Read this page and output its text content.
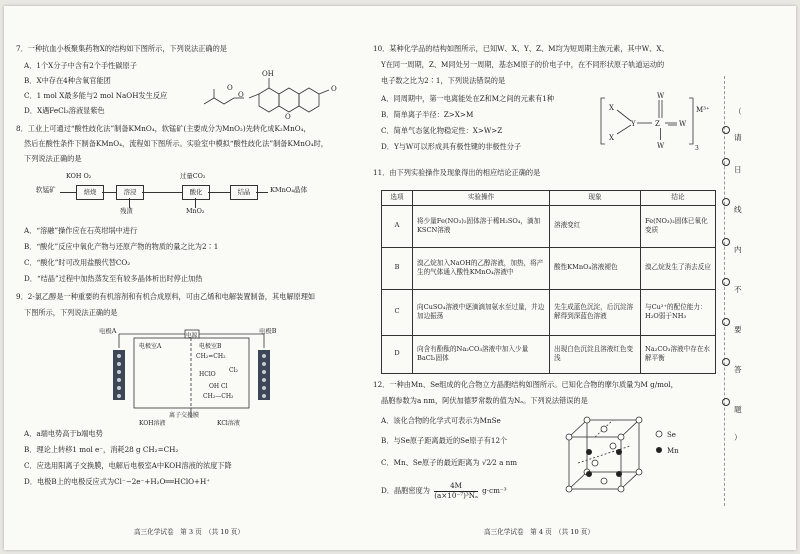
7．一种抗血小板聚集药物X的结构如下图所示，下列说法正确的是
A．1个X分子中含有2个手性碳原子
B．X中存在4种含氧官能团
C．1 mol X最多能与2 mol NaOH发生反应
D．X遇FeCl₃溶液显紫色
OH
O
O
O
O
8．工业上可通过“酸性歧化法”制备KMnO₄，软锰矿(主要成分为MnO₂)先转化成K₂MnO₄，
然后在酸性条件下制备KMnO₄，流程如下图所示。实验室中模拟“酸性歧化法”制备KMnO₄时，
下列说法正确的是
KOH O₂	过量CO₂
软锰矿	焙烧	溶浸	酸化	结晶	KMnO₄晶体
残渣	MnO₂
A．“溶融”操作应在石英坩埚中进行
B．“酸化”反应中氧化产物与还原产物的物质的量之比为2∶1
C．“酸化”时可改用盐酸代替CO₂
D．“结晶”过程中加热蒸发至有较多晶体析出时停止加热
9．2-氯乙醇是一种重要的有机溶剂和有机合成原料，可由乙烯和电解装置制备，其电解原理如
下图所示，下列说法正确的是
电极A	电极B
电源
电极室A	电极室B
CH₂=CH₂
Cl₂
HClO
OH Cl
CH₂—CH₂
离子交换膜
KOH溶液	KCl溶液
A．a端电势高于b端电势
B．理论上转移1 mol e⁻，消耗28 g CH₂=CH₂
C．应选用阳离子交换膜，电解后电极室A中KOH溶液的浓度下降
D．电极B上的电极反应式为Cl⁻−2e⁻+H₂O══HClO+H⁺
高三化学试卷　第 3 页　（共 10 页）
10．某种化学品的结构如图所示，已知W、X、Y、Z、M均为短周期主族元素，其中W、X、
Y在同一周期，Z、M同处另一周期，基态M原子的价电子中，在不同形状原子轨道运动的
电子数之比为2∶1，下列说法错误的是
A．同周期中，第一电离能处在Z和M之间的元素有1种
B．简单离子半径：Z>X>M
C．简单气态氢化物稳定性：X>W>Z
D．Y与W可以形成具有极性键的非极性分子
X
X
Y	Z
W
W
W
M³⁺
3
11．由下列实验操作及现象得出的相应结论正确的是
选项	实验操作	现象	结论
A	将少量Fe(NO₃)₂固体溶于稀H₂SO₄，滴加KSCN溶液	溶液变红	Fe(NO₃)₂固体已氧化变质
B	溴乙烷加入NaOH的乙醇溶液，加热，将产生的气体通入酸性KMnO₄溶液中	酸性KMnO₄溶液褪色	溴乙烷发生了消去反应
C	向CuSO₄溶液中逐滴滴加氨水至过量，并边加边振荡	先生成蓝色沉淀，后沉淀溶解得到深蓝色溶液	与Cu²⁺的配位能力：H₂O弱于NH₃
D	向含有酚酞的Na₂CO₃溶液中加入少量BaCl₂固体	出现白色沉淀且溶液红色变浅	Na₂CO₃溶液中存在水解平衡
12．一种由Mn、Se组成的化合物立方晶胞结构如图所示。已知化合物的摩尔质量为M g/mol，
晶胞参数为a nm，阿伏加德罗常数的值为Nₐ。下列说法错误的是
A．该化合物的化学式可表示为MnSe
B．与Se原子距离最近的Se原子有12个
C．Mn、Se原子的最近距离为 √2⁄2 a nm
D．晶胞密度为 $\frac{4M}{\text{(a×10⁻⁷)³Nₐ}} g\cdot cm^{-3}$
Se
Mn
高三化学试卷　第 4 页　（共 10 页）
（
请
日
线
内
不
要
答
题
）
